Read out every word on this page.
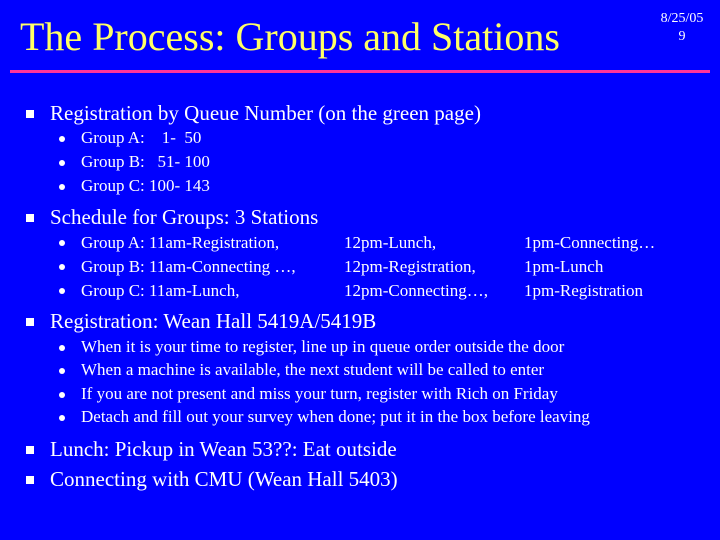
The Process: Groups and Stations	8/25/05
9
Registration by Queue Number (on the green page)
Group A:    1-  50
Group B:   51- 100
Group C: 100- 143
Schedule for Groups: 3 Stations
Group A: 11am-Registration,	12pm-Lunch,	1pm-Connecting…
Group B: 11am-Connecting …,	12pm-Registration,	1pm-Lunch
Group C: 11am-Lunch,	12pm-Connecting…, 1pm-Registration
Registration: Wean Hall 5419A/5419B
When it is your time to register, line up in queue order outside the door
When a machine is available, the next student will be called to enter
If you are not present and miss your turn, register with Rich on Friday
Detach and fill out your survey when done; put it in the box before leaving
Lunch: Pickup in Wean 53??: Eat outside
Connecting with CMU (Wean Hall 5403)
